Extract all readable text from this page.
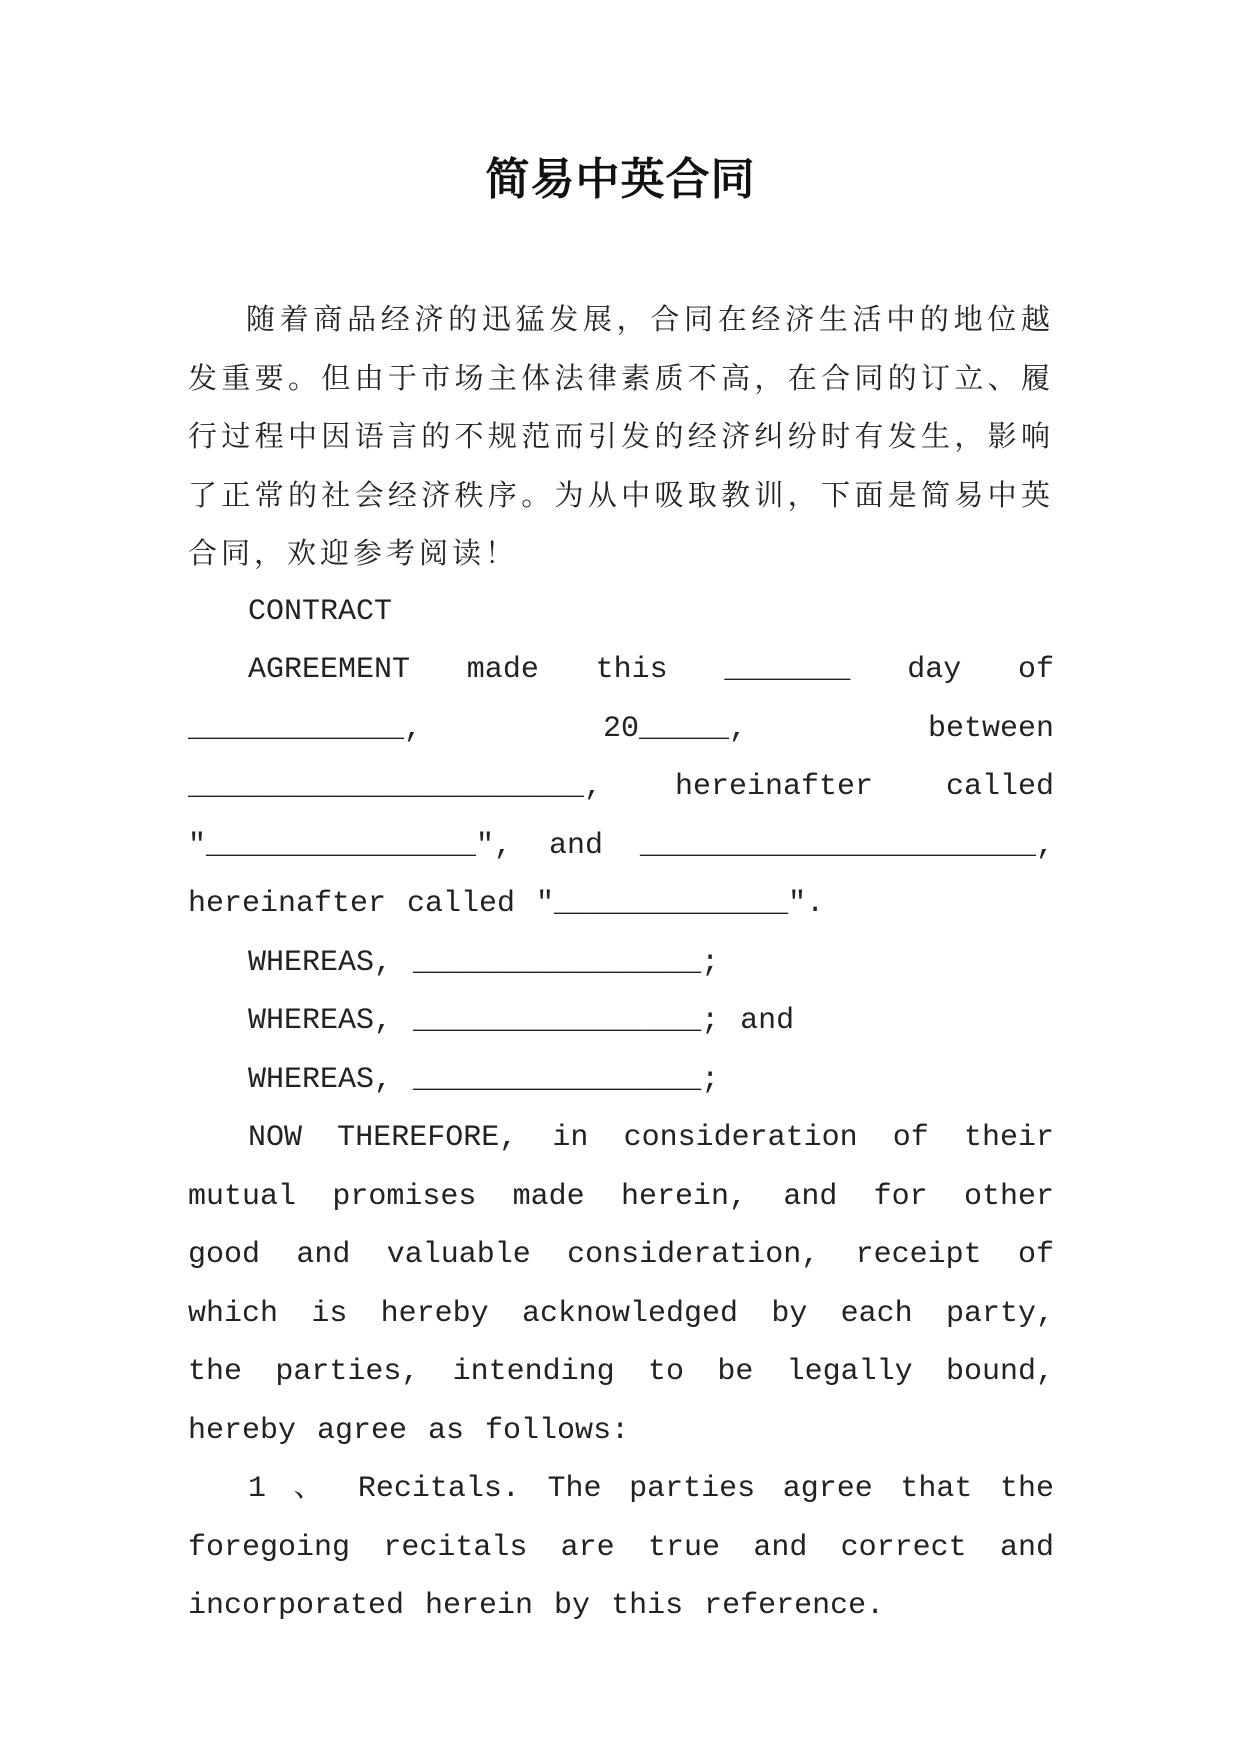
简易中英合同

随着商品经济的迅猛发展，合同在经济生活中的地位越发重要。但由于市场主体法律素质不高，在合同的订立、履行过程中因语言的不规范而引发的经济纠纷时有发生，影响了正常的社会经济秩序。为从中吸取教训，下面是简易中英合同，欢迎参考阅读！

CONTRACT

AGREEMENT made this _______ day of ____________, 20_____, between ______________________, hereinafter called "_______________", and ______________________, hereinafter called "_____________".

WHEREAS, ________________;

WHEREAS, ________________; and

WHEREAS, ________________;

NOW THEREFORE, in consideration of their mutual promises made herein, and for other good and valuable consideration, receipt of which is hereby acknowledged by each party, the parties, intending to be legally bound, hereby agree as follows:

1 、 Recitals. The parties agree that the foregoing recitals are true and correct and incorporated herein by this reference.
